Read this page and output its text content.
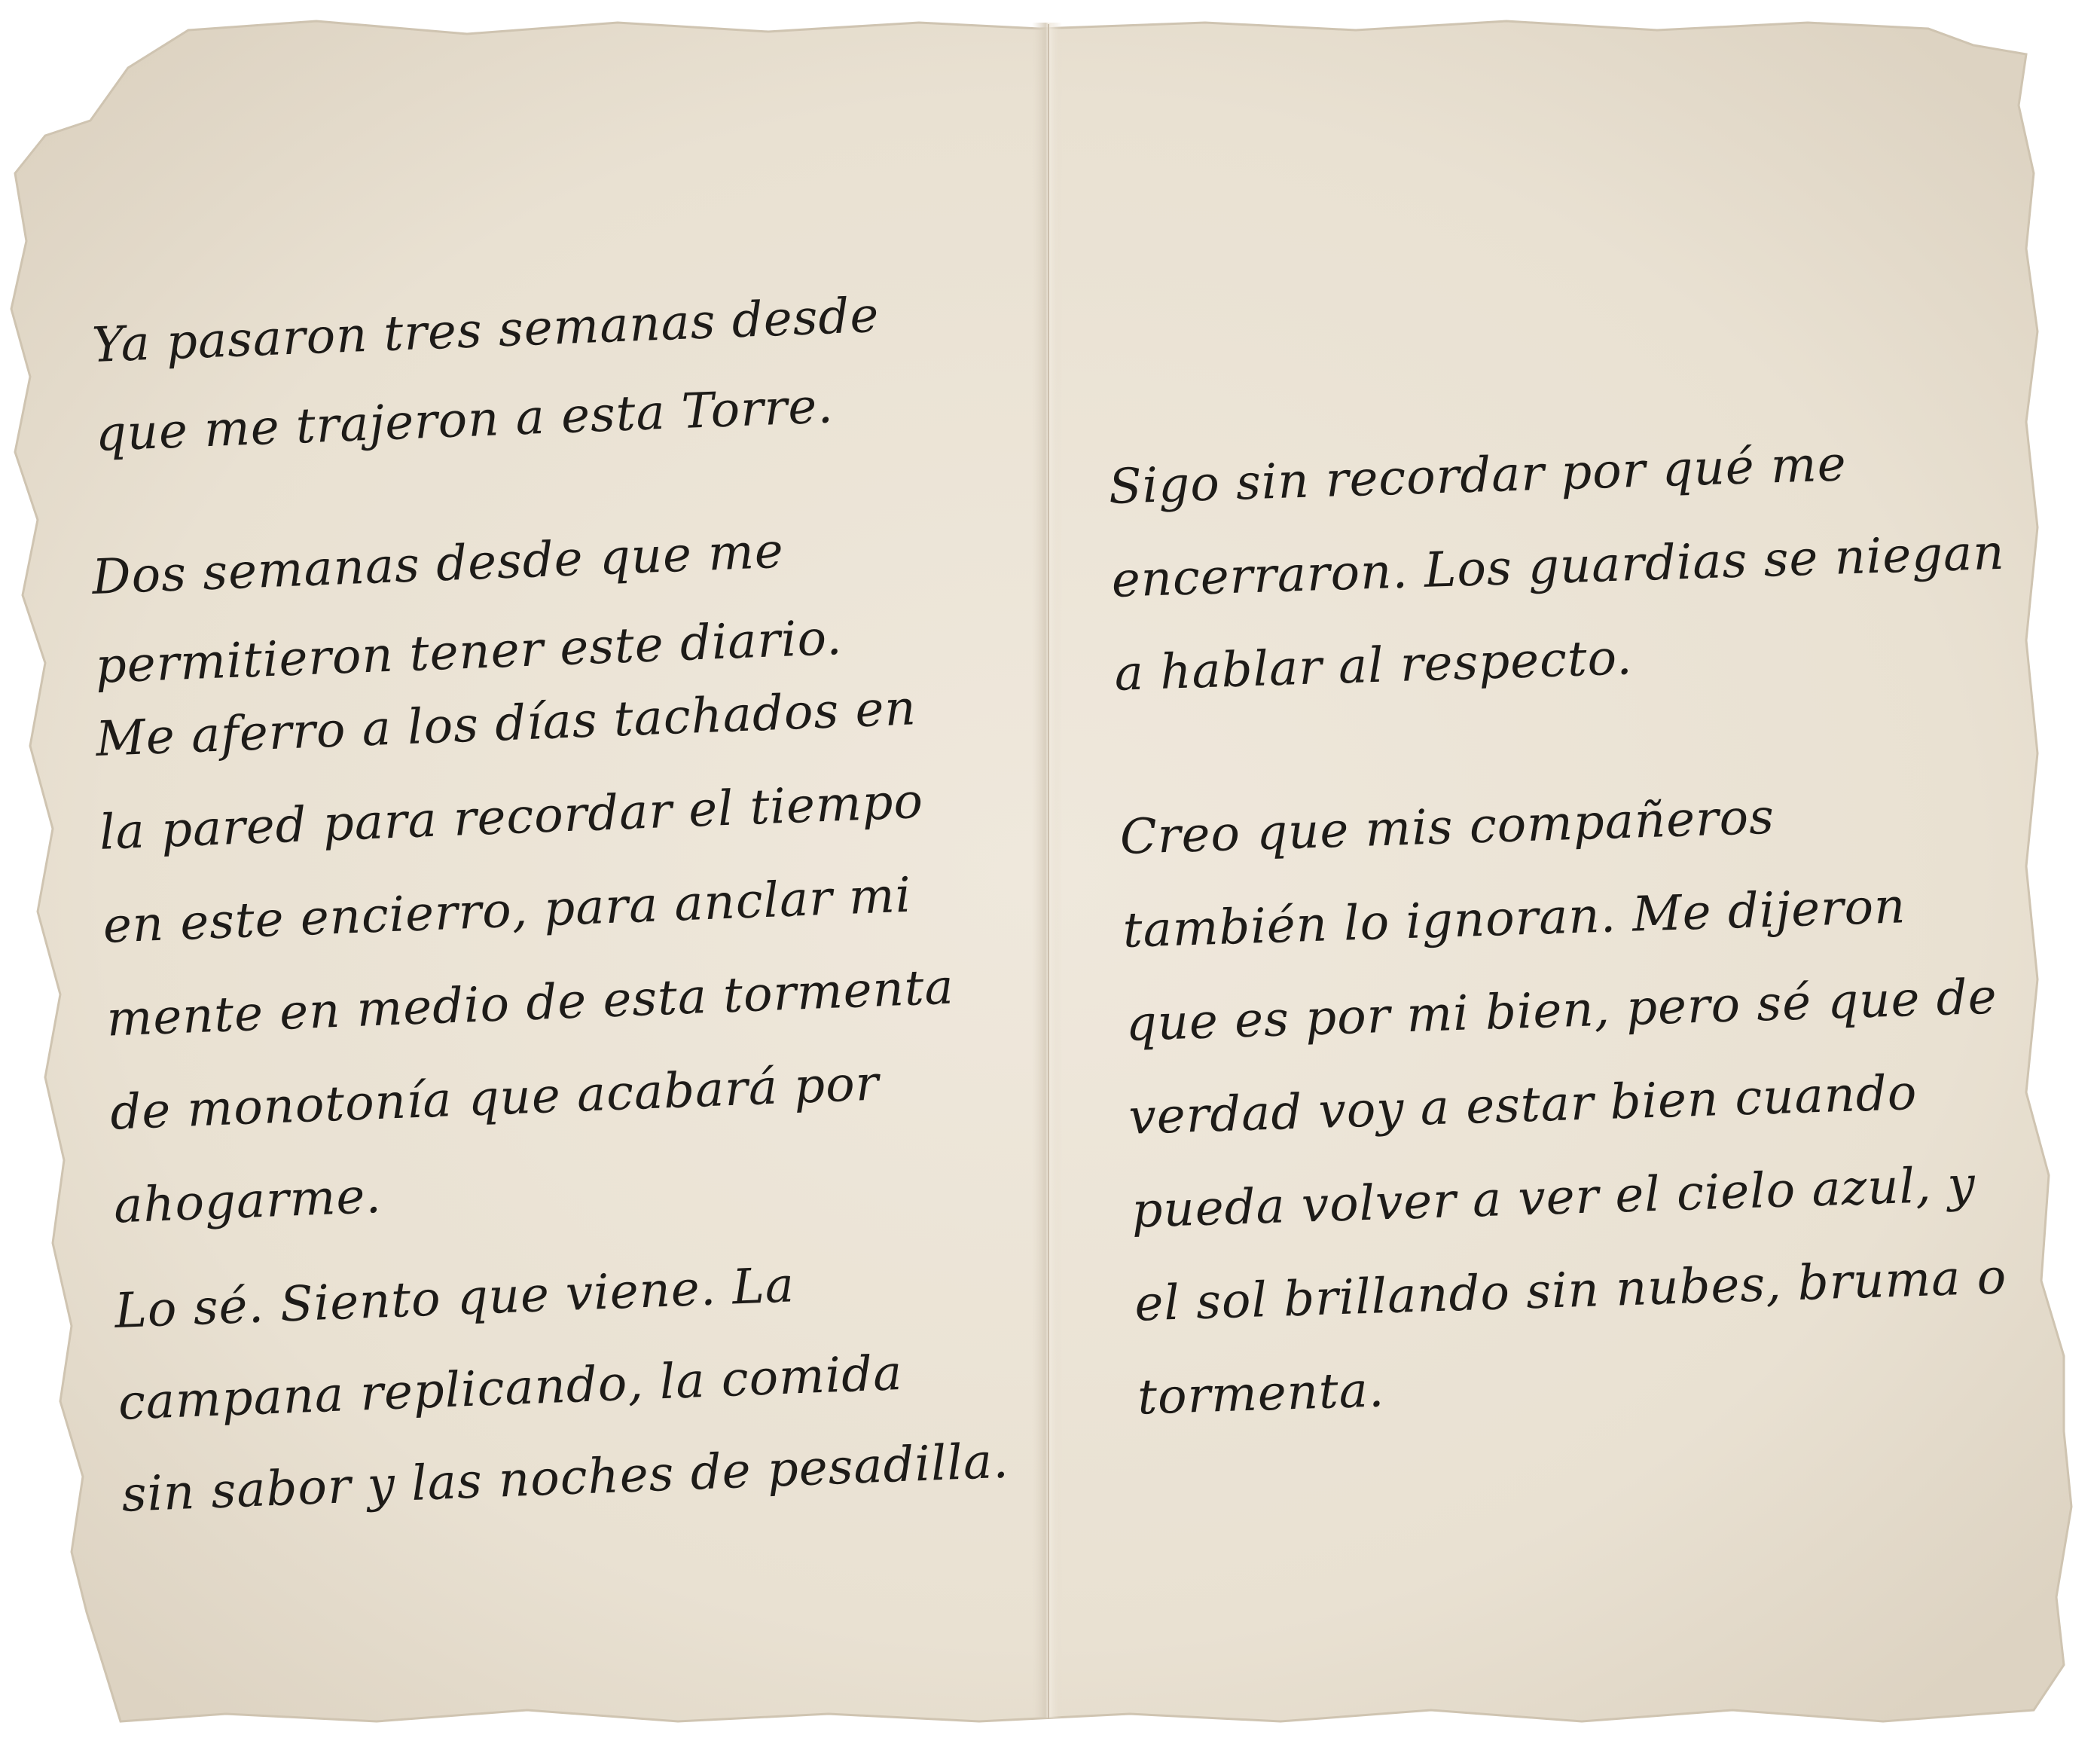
Ya pasaron tres semanas desde
que me trajeron a esta Torre.
Dos semanas desde que me
permitieron tener este diario.
Me aferro a los días tachados en
la pared para recordar el tiempo
en este encierro, para anclar mi
mente en medio de esta tormenta
de monotonía que acabará por
ahogarme.
Lo sé. Siento que viene. La
campana replicando, la comida
sin sabor y las noches de pesadilla.
Sigo sin recordar por qué me
encerraron. Los guardias se niegan
a hablar al respecto.
Creo que mis compañeros
también lo ignoran. Me dijeron
que es por mi bien, pero sé que de
verdad voy a estar bien cuando
pueda volver a ver el cielo azul, y
el sol brillando sin nubes, bruma o
tormenta.
